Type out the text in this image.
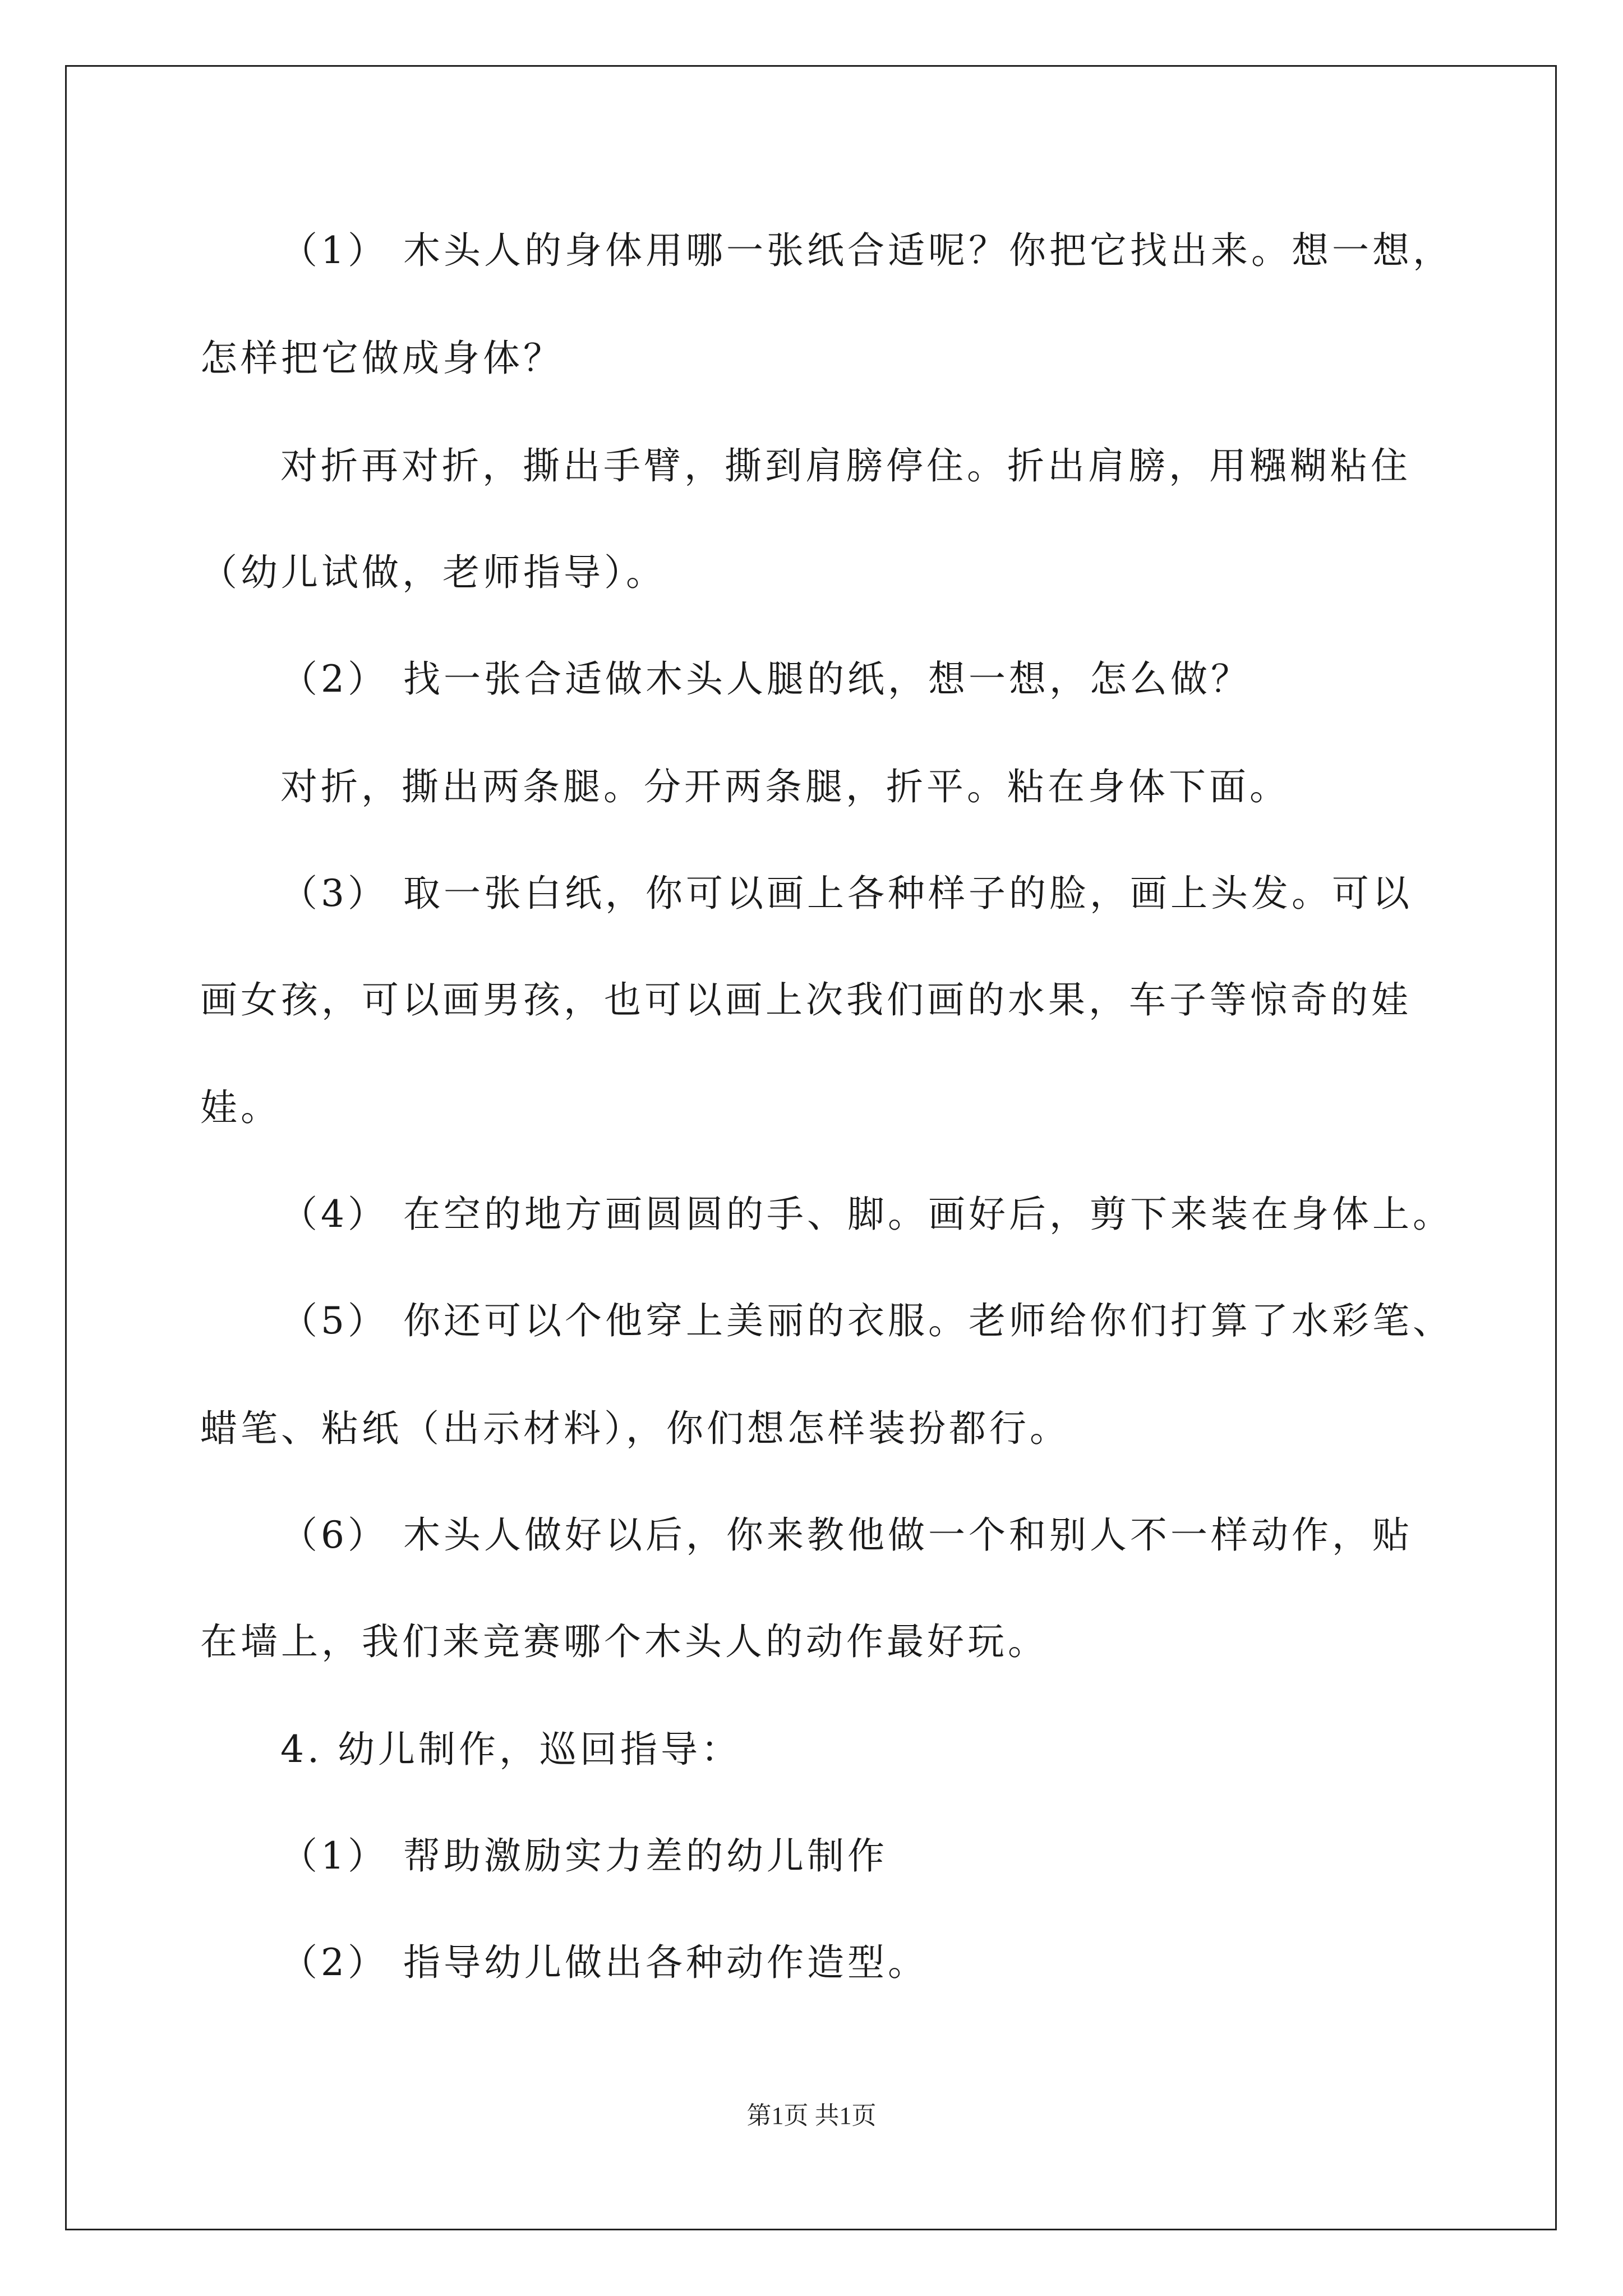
（1） 木头人的身体用哪一张纸合适呢？你把它找出来。想一想，
怎样把它做成身体？
对折再对折，撕出手臂，撕到肩膀停住。折出肩膀，用糨糊粘住
（幼儿试做，老师指导）。
（2） 找一张合适做木头人腿的纸，想一想，怎么做？
对折，撕出两条腿。分开两条腿，折平。粘在身体下面。
（3） 取一张白纸，你可以画上各种样子的脸，画上头发。可以
画女孩，可以画男孩，也可以画上次我们画的水果，车子等惊奇的娃
娃。
（4） 在空的地方画圆圆的手、脚。画好后，剪下来装在身体上。
（5） 你还可以个他穿上美丽的衣服。老师给你们打算了水彩笔、
蜡笔、粘纸（出示材料），你们想怎样装扮都行。
（6） 木头人做好以后，你来教他做一个和别人不一样动作，贴
在墙上，我们来竞赛哪个木头人的动作最好玩。
4. 幼儿制作，巡回指导：
（1） 帮助激励实力差的幼儿制作
（2） 指导幼儿做出各种动作造型。
第1页 共1页
